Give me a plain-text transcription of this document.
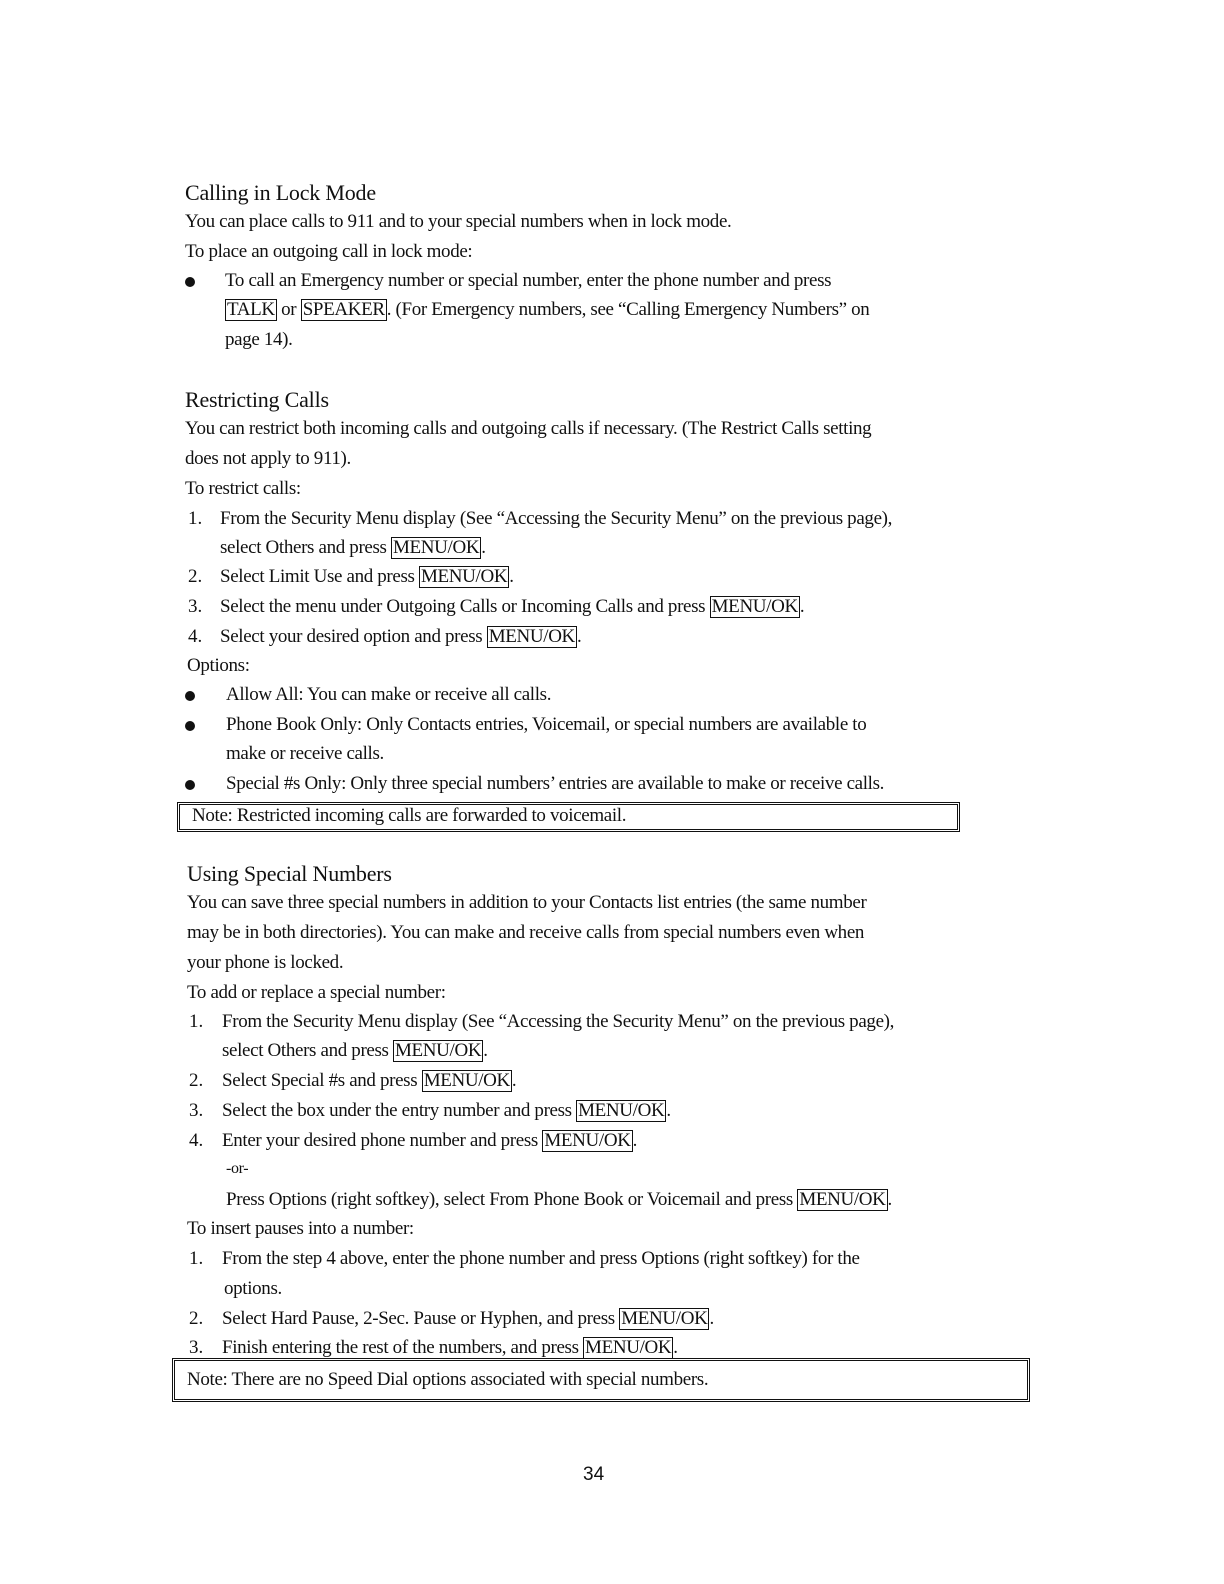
Calling in Lock Mode
You can place calls to 911 and to your special numbers when in lock mode.
To place an outgoing call in lock mode:
To call an Emergency number or special number, enter the phone number and press
TALK or SPEAKER . (For Emergency numbers, see “Calling Emergency Numbers” on
page 14).
Restricting Calls
You can restrict both incoming calls and outgoing calls if necessary. (The Restrict Calls setting
does not apply to 911).
To restrict calls:
1. From the Security Menu display (See “Accessing the Security Menu” on the previous page),
select Others and press MENU/OK .
2. Select Limit Use and press MENU/OK .
3. Select the menu under Outgoing Calls or Incoming Calls and press MENU/OK .
4. Select your desired option and press MENU/OK .
Options:
Allow All: You can make or receive all calls.
Phone Book Only: Only Contacts entries, Voicemail, or special numbers are available to
make or receive calls.
Special #s Only: Only three special numbers’ entries are available to make or receive calls.
Note: Restricted incoming calls are forwarded to voicemail.
Using Special Numbers
You can save three special numbers in addition to your Contacts list entries (the same number
may be in both directories). You can make and receive calls from special numbers even when
your phone is locked.
To add or replace a special number:
1. From the Security Menu display (See “Accessing the Security Menu” on the previous page),
select Others and press MENU/OK .
2. Select Special #s and press MENU/OK .
3. Select the box under the entry number and press MENU/OK .
4. Enter your desired phone number and press MENU/OK .
-or-
Press Options (right softkey), select From Phone Book or Voicemail and press MENU/OK .
To insert pauses into a number:
1. From the step 4 above, enter the phone number and press Options (right softkey) for the
options.
2. Select Hard Pause, 2-Sec. Pause or Hyphen, and press MENU/OK .
3. Finish entering the rest of the numbers, and press MENU/OK .
Note: There are no Speed Dial options associated with special numbers.
34
